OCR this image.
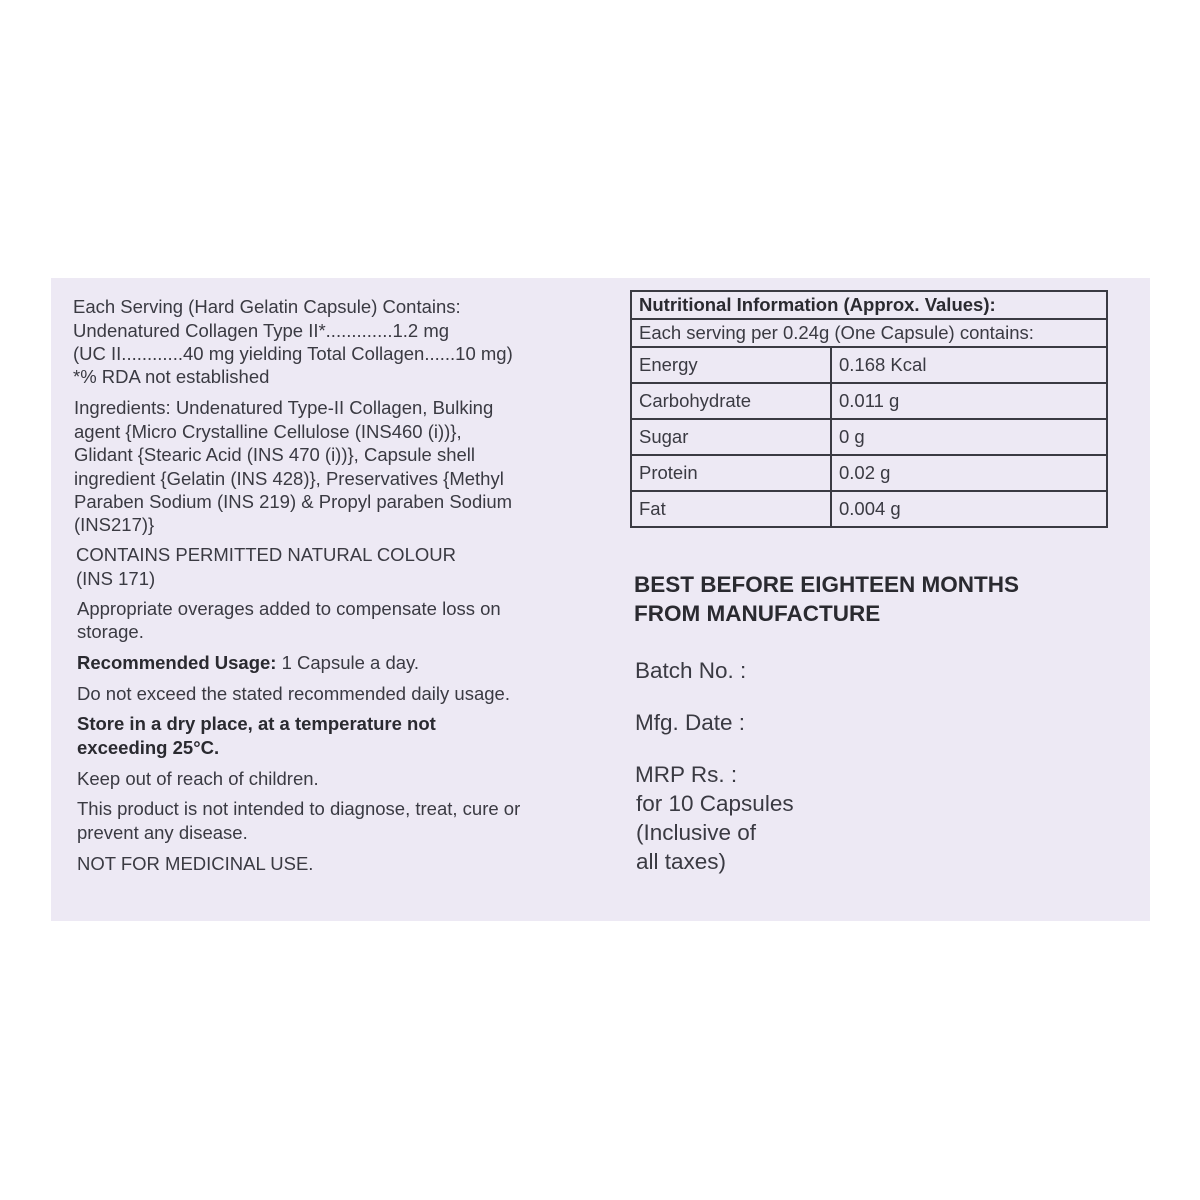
Each Serving (Hard Gelatin Capsule) Contains:

Undenatured Collagen Type II*.............1.2 mg

(UC II............40 mg yielding Total Collagen......10 mg)

*% RDA not established

Ingredients: Undenatured Type-II Collagen, Bulking

agent {Micro Crystalline Cellulose (INS460 (i))},

Glidant {Stearic Acid (INS 470 (i))}, Capsule shell

ingredient {Gelatin (INS 428)}, Preservatives {Methyl

Paraben Sodium (INS 219) & Propyl paraben Sodium

(INS217)}

CONTAINS PERMITTED NATURAL COLOUR

(INS 171)

Appropriate overages added to compensate loss on

storage.

Recommended Usage: 1 Capsule a day.

Do not exceed the stated recommended daily usage.

Store in a dry place, at a temperature not

exceeding 25°C.

Keep out of reach of children.

This product is not intended to diagnose, treat, cure or

prevent any disease.

NOT FOR MEDICINAL USE.

Nutritional Information (Approx. Values):	
Each serving per 0.24g (One Capsule) contains:	
Energy	0.168 Kcal
Carbohydrate	0.011 g
Sugar	0 g
Protein	0.02 g
Fat	0.004 g
BEST BEFORE EIGHTEEN MONTHS
FROM MANUFACTURE

Batch No. :

Mfg. Date :

MRP Rs. :

for 10 Capsules

(Inclusive of

all taxes)
